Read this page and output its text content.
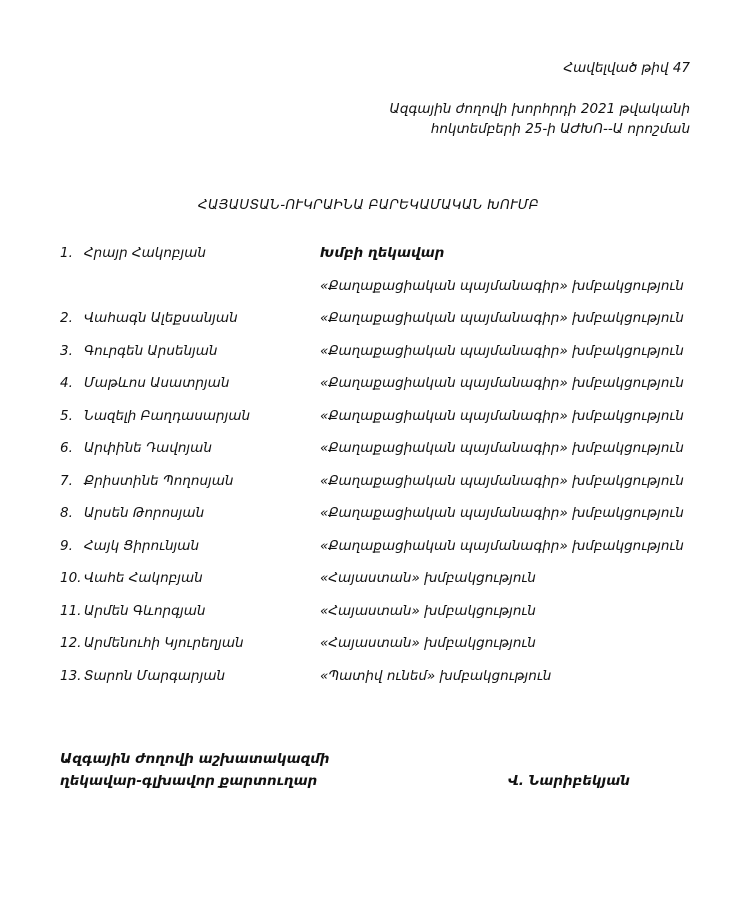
Հավելված թիվ 47
Ազգային ժողովի խորհրդի 2021 թվականի
հոկտեմբերի 25-ի ԱԺԽՈ--Ա որոշման
ՀԱՅԱՍՏԱՆ-ՈՒԿՐԱԻՆԱ ԲԱՐԵԿԱՄԱԿԱՆ ԽՈՒՄԲ
1. Հրայր Հակոբյան	Խմբի ղեկավար
«Քաղաքացիական պայմանագիր» խմբակցություն
2. Վահագն Ալեքսանյան	«Քաղաքացիական պայմանագիր» խմբակցություն
3. Գուրգեն Արսենյան	«Քաղաքացիական պայմանագիր» խմբակցություն
4. Մաթևոս Ասատրյան	«Քաղաքացիական պայմանագիր» խմբակցություն
5. Նազելի Բաղդասարյան	«Քաղաքացիական պայմանագիր» խմբակցություն
6. Արփինե Դավոյան	«Քաղաքացիական պայմանագիր» խմբակցություն
7. Քրիստինե Պողոսյան	«Քաղաքացիական պայմանագիր» խմբակցություն
8. Արսեն Թորոսյան	«Քաղաքացիական պայմանագիր» խմբակցություն
9. Հայկ Ցիրունյան	«Քաղաքացիական պայմանագիր» խմբակցություն
10. Վահե Հակոբյան	«Հայաստան» խմբակցություն
11. Արմեն Գևորգյան	«Հայաստան» խմբակցություն
12. Արմենուհի Կյուրեղյան	«Հայաստան» խմբակցություն
13. Տարոն Մարգարյան	«Պատիվ ունեմ» խմբակցություն
Ազգային ժողովի աշխատակազմի
ղեկավար-գլխավոր քարտուղար	Վ. Նարիբեկյան
